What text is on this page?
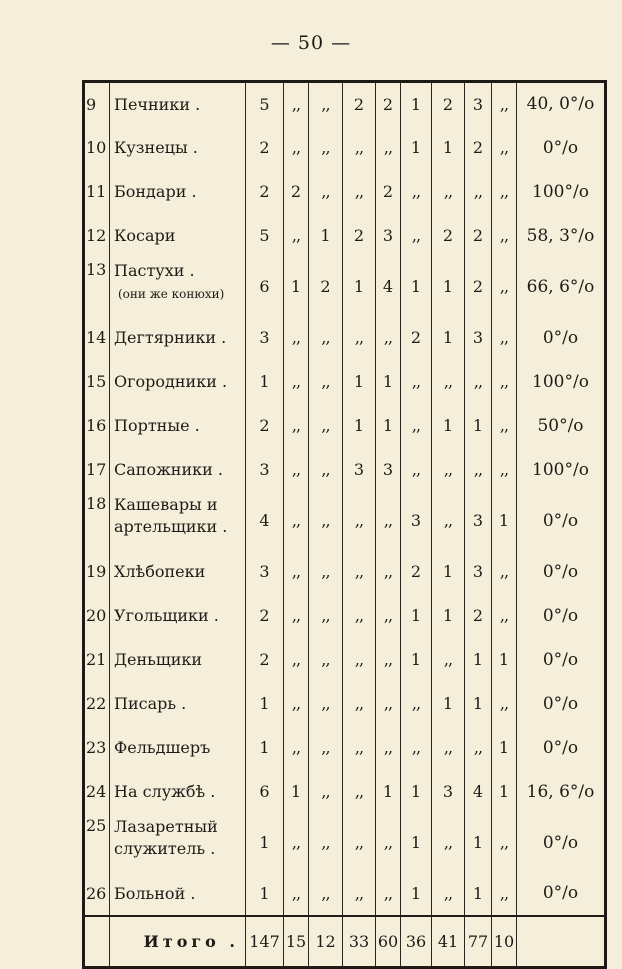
— 50 —
9	Печники .	5	,,	,,	2	2	1	2	3	,,	40, 0°/o
10	Кузнецы .	2	,,	,,	,,	,,	1	1	2	,,	0°/o
11	Бондари .	2	2	,,	,,	2	,,	,,	,,	,,	100°/o
12	Косари	5	,,	1	2	3	,,	2	2	,,	58, 3°/o
13	Пастухи .
(они же конюхи)	6	1	2	1	4	1	1	2	,,	66, 6°/o
14	Дегтярники .	3	,,	,,	,,	,,	2	1	3	,,	0°/o
15	Огородники .	1	,,	,,	1	1	,,	,,	,,	,,	100°/o
16	Портные .	2	,,	,,	1	1	,,	1	1	,,	50°/o
17	Сапожники .	3	,,	,,	3	3	,,	,,	,,	,,	100°/o
18	Кашевары и
артельщики .	4	,,	,,	,,	,,	3	,,	3	1	0°/o
19	Хлѣбопеки	3	,,	,,	,,	,,	2	1	3	,,	0°/o
20	Угольщики .	2	,,	,,	,,	,,	1	1	2	,,	0°/o
21	Деньщики	2	,,	,,	,,	,,	1	,,	1	1	0°/o
22	Писарь .	1	,,	,,	,,	,,	,,	1	1	,,	0°/o
23	Фельдшеръ	1	,,	,,	,,	,,	,,	,,	,,	1	0°/o
24	На службѣ .	6	1	,,	,,	1	1	3	4	1	16, 6°/o
25	Лазаретный
служитель .	1	,,	,,	,,	,,	1	,,	1	,,	0°/o
26	Больной .	1	,,	,,	,,	,,	1	,,	1	,,	0°/o
	Итого .	147	15	12	33	60	36	41	77	10	
